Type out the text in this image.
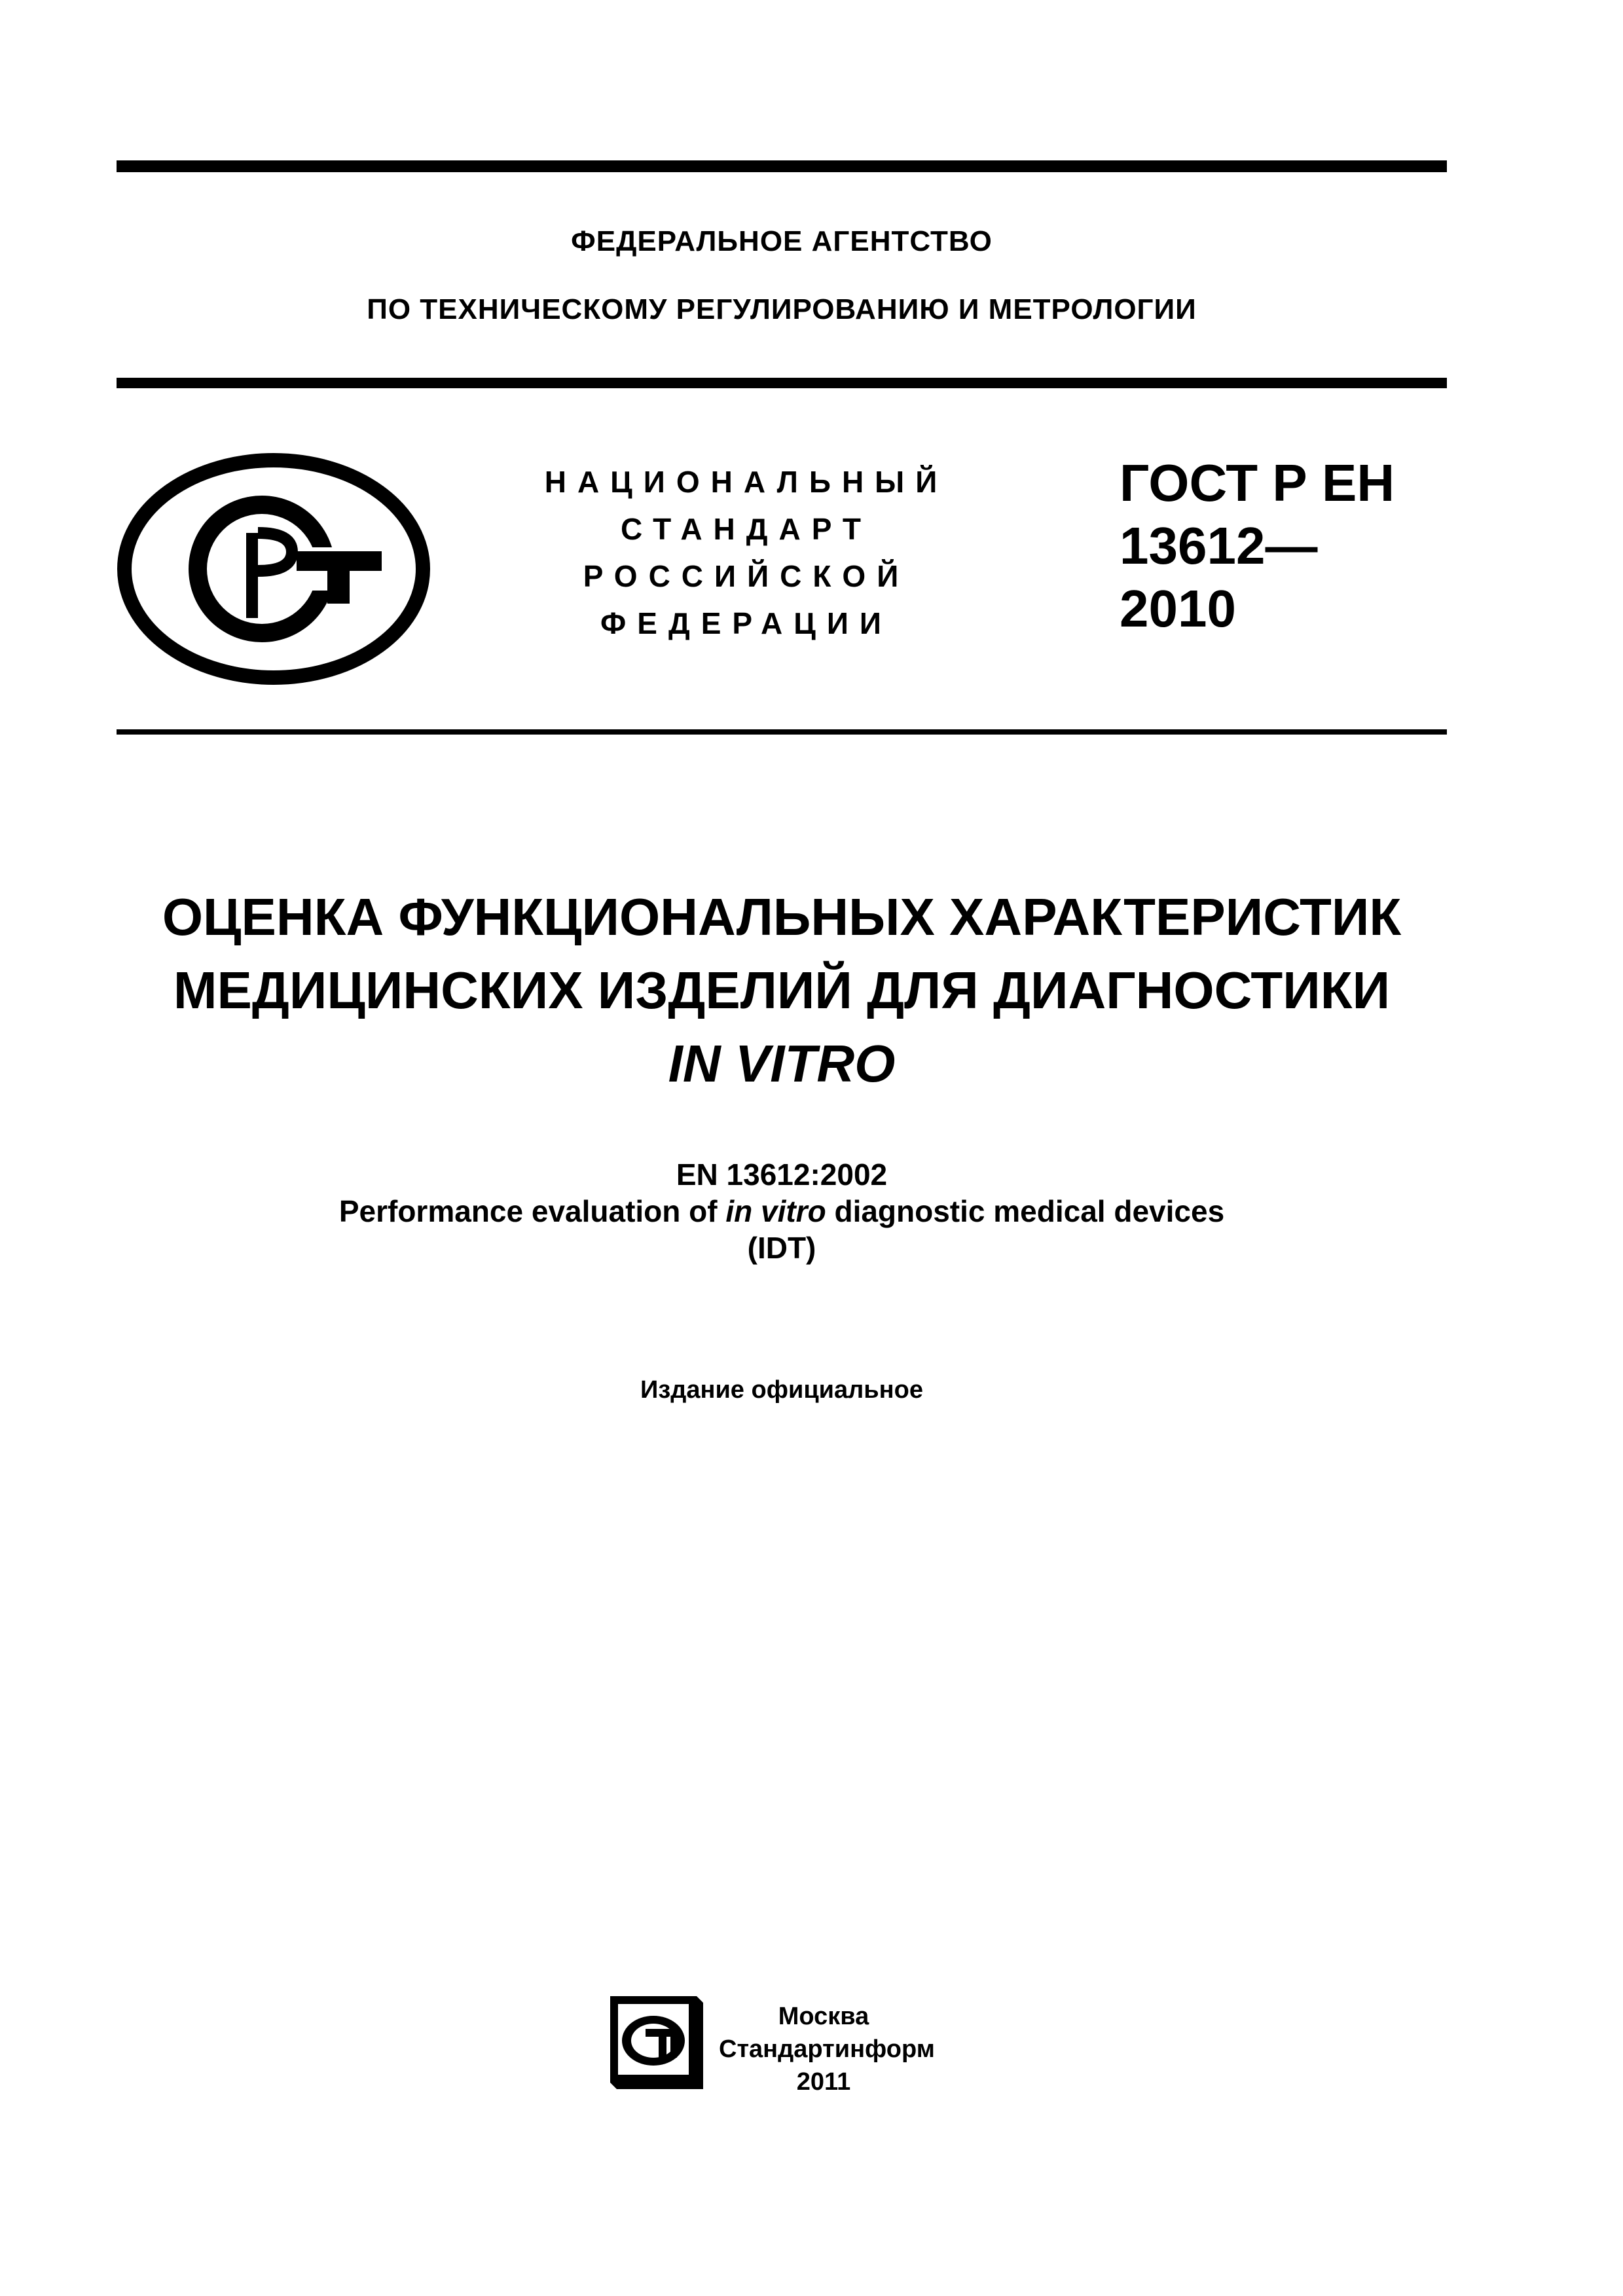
ФЕДЕРАЛЬНОЕ АГЕНТСТВО
ПО ТЕХНИЧЕСКОМУ РЕГУЛИРОВАНИЮ И МЕТРОЛОГИИ
НАЦИОНАЛЬНЫЙ
СТАНДАРТ
РОССИЙСКОЙ
ФЕДЕРАЦИИ
ГОСТ Р ЕН
13612—
2010
ОЦЕНКА ФУНКЦИОНАЛЬНЫХ ХАРАКТЕРИСТИК
МЕДИЦИНСКИХ ИЗДЕЛИЙ ДЛЯ ДИАГНОСТИКИ
IN VITRO
EN 13612:2002
Performance evaluation of in vitro diagnostic medical devices
(IDT)
Издание официальное
Москва
Стандартинформ
2011
